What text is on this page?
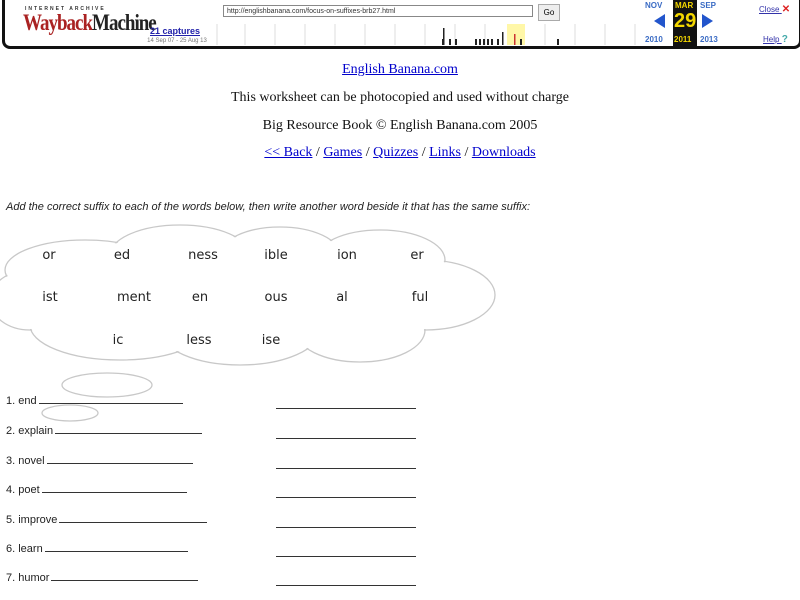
INTERNET ARCHIVE
WaybackMachine
21 captures
14 Sep 07 - 25 Aug 13
http://englishbanana.com/focus-on-suffixes-brb27.html	Go
NOV
2010
MAR
29
2011
SEP
2013
Close ✕
Help ?
English Banana.com
This worksheet can be photocopied and used without charge
Big Resource Book © English Banana.com 2005
<< Back / Games / Quizzes / Links / Downloads
Add the correct suffix to each of the words below, then write another word beside it that has the same suffix:
or	ed	ness	ible	ion	er
ist	ment	en	ous	al	ful
ic	less	ise
1. end
2. explain
3. novel
4. poet
5. improve
6. learn
7. humor
